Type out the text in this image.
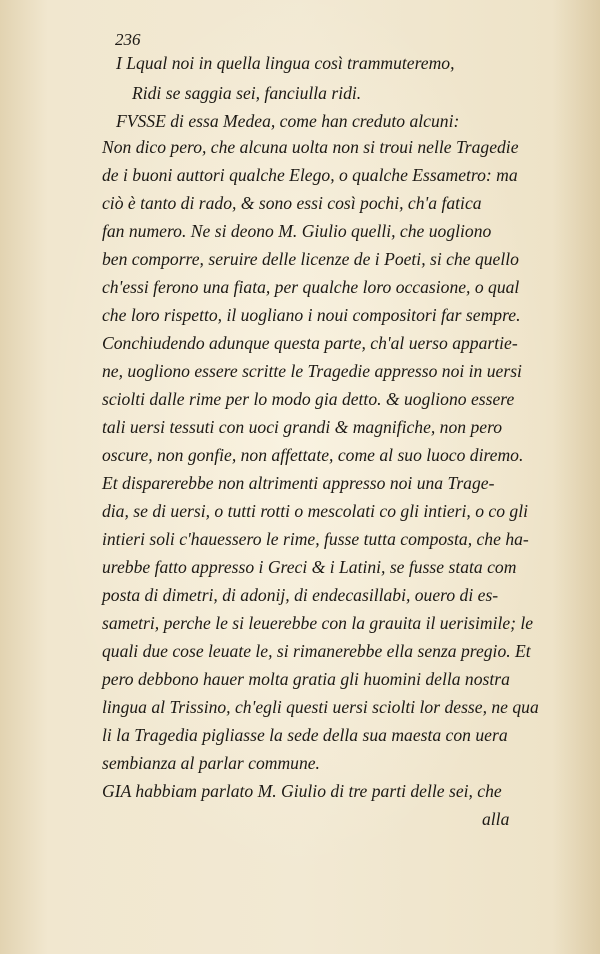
236
I Lqual noi in quella lingua così trammuteremo,
Ridi se saggia sei, fanciulla ridi.
FVSSE di essa Medea, come han creduto alcuni:
Non dico pero, che alcuna uolta non si troui nelle Tragedie
de i buoni auttori qualche Elego, o qualche Essametro: ma
ciò è tanto di rado, & sono essi così pochi, ch'a fatica
fan numero. Ne si deono M. Giulio quelli, che uogliono
ben comporre, seruire delle licenze de i Poeti, si che quello
ch'essi ferono una fiata, per qualche loro occasione, o qual
che loro rispetto, il uogliano i noui compositori far sempre.
Conchiudendo adunque questa parte, ch'al uerso appartie-
ne, uogliono essere scritte le Tragedie appresso noi in uersi
sciolti dalle rime per lo modo gia detto. & uogliono essere
tali uersi tessuti con uoci grandi & magnifiche, non pero
oscure, non gonfie, non affettate, come al suo luoco diremo.
Et disparerebbe non altrimenti appresso noi una Trage-
dia, se di uersi, o tutti rotti o mescolati co gli intieri, o co gli
intieri soli c'hauessero le rime, fusse tutta composta, che ha-
urebbe fatto appresso i Greci & i Latini, se fusse stata com
posta di dimetri, di adonij, di endecasillabi, ouero di es-
sametri, perche le si leuerebbe con la grauita il uerisimile; le
quali due cose leuate le, si rimanerebbe ella senza pregio. Et
pero debbono hauer molta gratia gli huomini della nostra
lingua al Trissino, ch'egli questi uersi sciolti lor desse, ne qua
li la Tragedia pigliasse la sede della sua maesta con uera
sembianza al parlar commune.
GIA habbiam parlato M. Giulio di tre parti delle sei, che
alla
